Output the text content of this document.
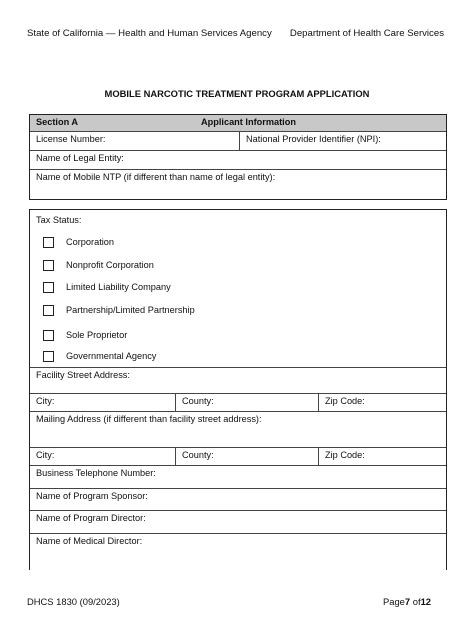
State of California — Health and Human Services Agency Department of Health Care Services
MOBILE NARCOTIC TREATMENT PROGRAM APPLICATION
Section A	Applicant Information
License Number:	National Provider Identifier (NPI):
Name of Legal Entity:
Name of Mobile NTP (if different than name of legal entity):
Tax Status:
Corporation
Nonprofit Corporation
Limited Liability Company
Partnership/Limited Partnership
Sole Proprietor
Governmental Agency
Facility Street Address:
City:	County:	Zip Code:
Mailing Address (if different than facility street address):
City:	County:	Zip Code:
Business Telephone Number:
Name of Program Sponsor:
Name of Program Director:
Name of Medical Director:
DHCS 1830 (09/2023)	Page7 of12
